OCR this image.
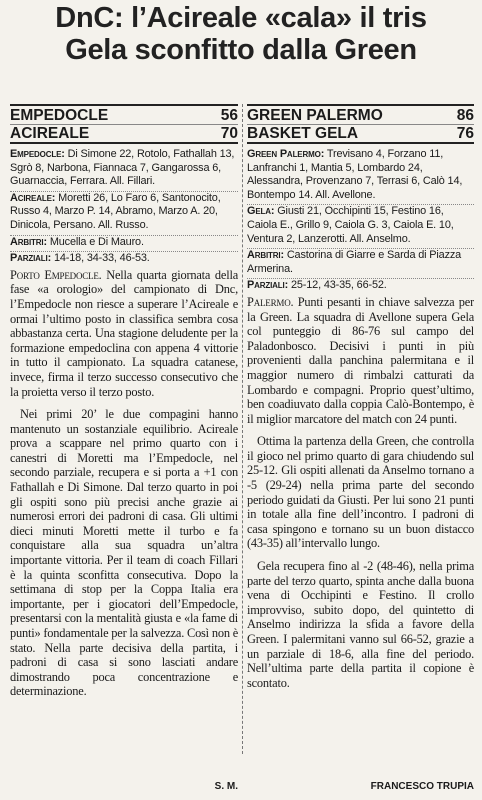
DnC: l’Acireale «cala» il tris
Gela sconfitto dalla Green
EMPEDOCLE	56
ACIREALE	70

Empedocle: Di Simone 22, Rotolo, Fathallah 13, Sgrò 8, Narbona, Fiannaca 7, Gangarossa 6, Guarnaccia, Ferrara. All. Fillari.

Acireale: Moretti 26, Lo Faro 6, Santonocito, Russo 4, Marzo P. 14, Abramo, Marzo A. 20, Dinicola, Persano. All. Russo.

Arbitri: Mucella e Di Mauro.

Parziali: 14-18, 34-33, 46-53.

Porto Empedocle. Nella quarta giornata della fase «a orologio» del campionato di Dnc, l’Empedocle non riesce a superare l’Acireale e ormai l’ultimo posto in classifica sembra cosa abbastanza certa. Una stagione deludente per la formazione empedoclina con appena 4 vittorie in tutto il campionato. La squadra catanese, invece, firma il terzo successo consecutivo che la proietta verso il terzo posto.

Nei primi 20’ le due compagini hanno mantenuto un sostanziale equilibrio. Acireale prova a scappare nel primo quarto con i canestri di Moretti ma l’Empedocle, nel secondo parziale, recupera e si porta a +1 con Fathallah e Di Simone. Dal terzo quarto in poi gli ospiti sono più precisi anche grazie ai numerosi errori dei padroni di casa. Gli ultimi dieci minuti Moretti mette il turbo e fa conquistare alla sua squadra un’altra importante vittoria. Per il team di coach Fillari è la quinta sconfitta consecutiva. Dopo la settimana di stop per la Coppa Italia era importante, per i giocatori dell’Empedocle, presentarsi con la mentalità giusta e «la fame di punti» fondamentale per la salvezza. Così non è stato. Nella parte decisiva della partita, i padroni di casa si sono lasciati andare dimostrando poca concentrazione e determinazione.

S. M.
GREEN PALERMO	86
BASKET GELA	76

Green Palermo: Trevisano 4, Forzano 11, Lanfranchi 1, Mantia 5, Lombardo 24, Alessandra, Provenzano 7, Terrasi 6, Calò 14, Bontempo 14. All. Avellone.

Gela: Giusti 21, Occhipinti 15, Festino 16, Caiola E., Grillo 9, Caiola G. 3, Caiola E. 10, Ventura 2, Lanzerotti. All. Anselmo.

Arbitri: Castorina di Giarre e Sarda di Piazza Armerina.

Parziali: 25-12, 43-35, 66-52.

Palermo. Punti pesanti in chiave salvezza per la Green. La squadra di Avellone supera Gela col punteggio di 86-76 sul campo del Paladonbosco. Decisivi i punti in più provenienti dalla panchina palermitana e il maggior numero di rimbalzi catturati da Lombardo e compagni. Proprio quest’ultimo, ben coadiuvato dalla coppia Calò-Bontempo, è il miglior marcatore del match con 24 punti.

Ottima la partenza della Green, che controlla il gioco nel primo quarto di gara chiudendo sul 25-12. Gli ospiti allenati da Anselmo tornano a -5 (29-24) nella prima parte del secondo periodo guidati da Giusti. Per lui sono 21 punti in totale alla fine dell’incontro. I padroni di casa spingono e tornano su un buon distacco (43-35) all’intervallo lungo.

Gela recupera fino al -2 (48-46), nella prima parte del terzo quarto, spinta anche dalla buona vena di Occhipinti e Festino. Il crollo improvviso, subito dopo, del quintetto di Anselmo indirizza la sfida a favore della Green. I palermitani vanno sul 66-52, grazie a un parziale di 18-6, alla fine del periodo. Nell’ultima parte della partita il copione è scontato.

FRANCESCO TRUPIA
